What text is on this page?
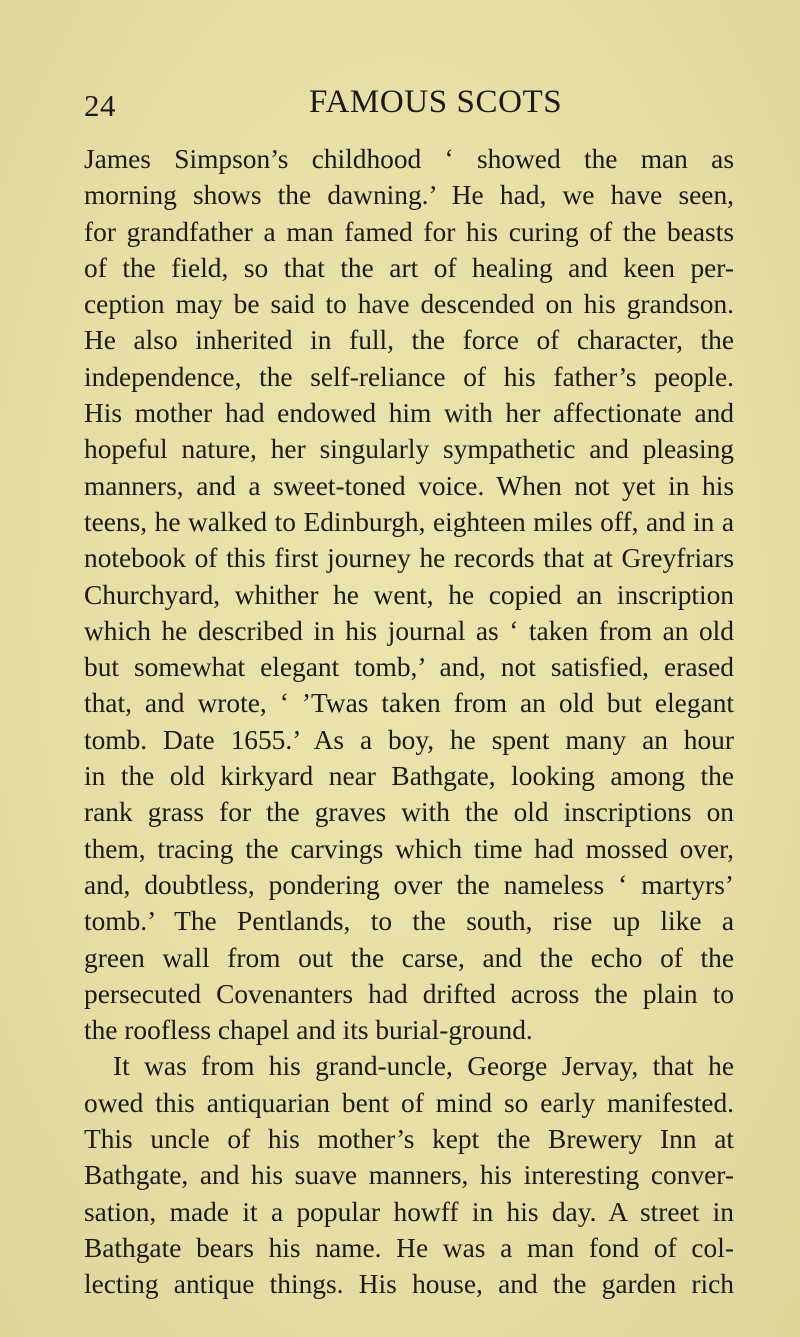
24	FAMOUS SCOTS
James Simpson’s childhood ‘ showed the man as
morning shows the dawning.’ He had, we have seen,
for grandfather a man famed for his curing of the beasts
of the field, so that the art of healing and keen per-
ception may be said to have descended on his grandson.
He also inherited in full, the force of character, the
independence, the self-reliance of his father’s people.
His mother had endowed him with her affectionate and
hopeful nature, her singularly sympathetic and pleasing
manners, and a sweet-toned voice. When not yet in his
teens, he walked to Edinburgh, eighteen miles off, and in a
notebook of this first journey he records that at Greyfriars
Churchyard, whither he went, he copied an inscription
which he described in his journal as ‘ taken from an old
but somewhat elegant tomb,’ and, not satisfied, erased
that, and wrote, ‘ ’Twas taken from an old but elegant
tomb. Date 1655.’ As a boy, he spent many an hour
in the old kirkyard near Bathgate, looking among the
rank grass for the graves with the old inscriptions on
them, tracing the carvings which time had mossed over,
and, doubtless, pondering over the nameless ‘ martyrs’
tomb.’ The Pentlands, to the south, rise up like a
green wall from out the carse, and the echo of the
persecuted Covenanters had drifted across the plain to
the roofless chapel and its burial-ground.
It was from his grand-uncle, George Jervay, that he
owed this antiquarian bent of mind so early manifested.
This uncle of his mother’s kept the Brewery Inn at
Bathgate, and his suave manners, his interesting conver-
sation, made it a popular howff in his day. A street in
Bathgate bears his name. He was a man fond of col-
lecting antique things. His house, and the garden rich
